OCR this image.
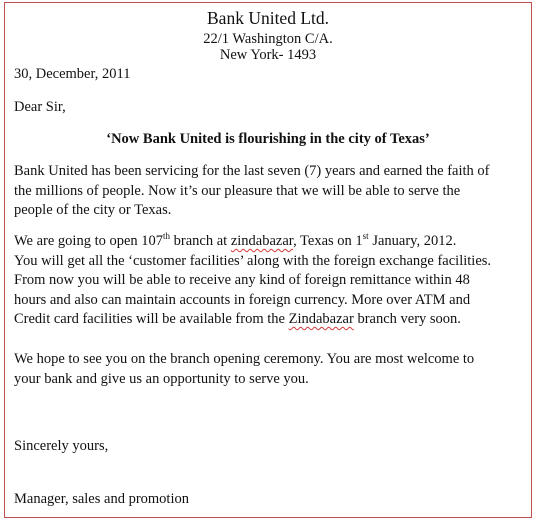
Bank United Ltd.
22/1 Washington C/A.
New York- 1493
30, December, 2011
Dear Sir,
‘Now Bank United is flourishing in the city of Texas’
Bank United has been servicing for the last seven (7) years and earned the faith of
the millions of people. Now it’s our pleasure that we will be able to serve the
people of the city or Texas.
We are going to open 107th branch at zindabazar, Texas on 1st January, 2012.
You will get all the ‘customer facilities’ along with the foreign exchange facilities.
From now you will be able to receive any kind of foreign remittance within 48
hours and also can maintain accounts in foreign currency. More over ATM and
Credit card facilities will be available from the Zindabazar branch very soon.
We hope to see you on the branch opening ceremony. You are most welcome to
your bank and give us an opportunity to serve you.
Sincerely yours,
Manager, sales and promotion
